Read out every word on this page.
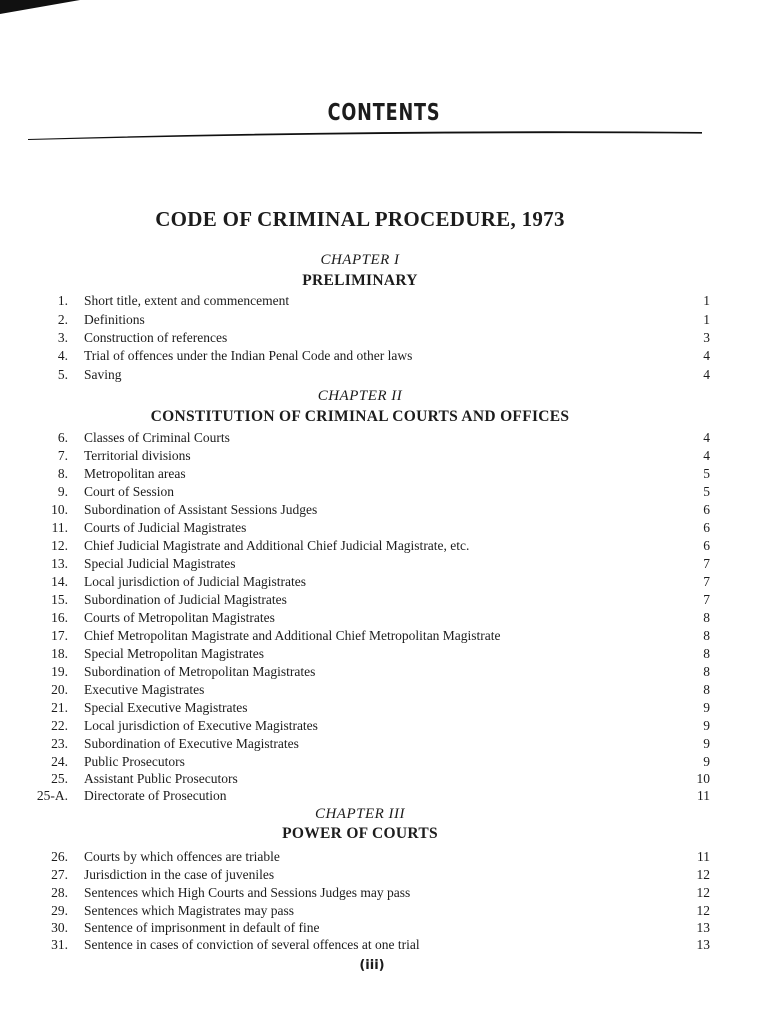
CONTENTS
CODE OF CRIMINAL PROCEDURE, 1973
CHAPTER I
PRELIMINARY
1. Short title, extent and commencement	1
2. Definitions	1
3. Construction of references	3
4. Trial of offences under the Indian Penal Code and other laws	4
5. Saving	4
CHAPTER II
CONSTITUTION OF CRIMINAL COURTS AND OFFICES
6. Classes of Criminal Courts	4
7. Territorial divisions	4
8. Metropolitan areas	5
9. Court of Session	5
10. Subordination of Assistant Sessions Judges	6
11. Courts of Judicial Magistrates	6
12. Chief Judicial Magistrate and Additional Chief Judicial Magistrate, etc.	6
13. Special Judicial Magistrates	7
14. Local jurisdiction of Judicial Magistrates	7
15. Subordination of Judicial Magistrates	7
16. Courts of Metropolitan Magistrates	8
17. Chief Metropolitan Magistrate and Additional Chief Metropolitan Magistrate	8
18. Special Metropolitan Magistrates	8
19. Subordination of Metropolitan Magistrates	8
20. Executive Magistrates	8
21. Special Executive Magistrates	9
22. Local jurisdiction of Executive Magistrates	9
23. Subordination of Executive Magistrates	9
24. Public Prosecutors	9
25. Assistant Public Prosecutors	10
25-A. Directorate of Prosecution	11
CHAPTER III
POWER OF COURTS
26. Courts by which offences are triable	11
27. Jurisdiction in the case of juveniles	12
28. Sentences which High Courts and Sessions Judges may pass	12
29. Sentences which Magistrates may pass	12
30. Sentence of imprisonment in default of fine	13
31. Sentence in cases of conviction of several offences at one trial	13
(iii)
